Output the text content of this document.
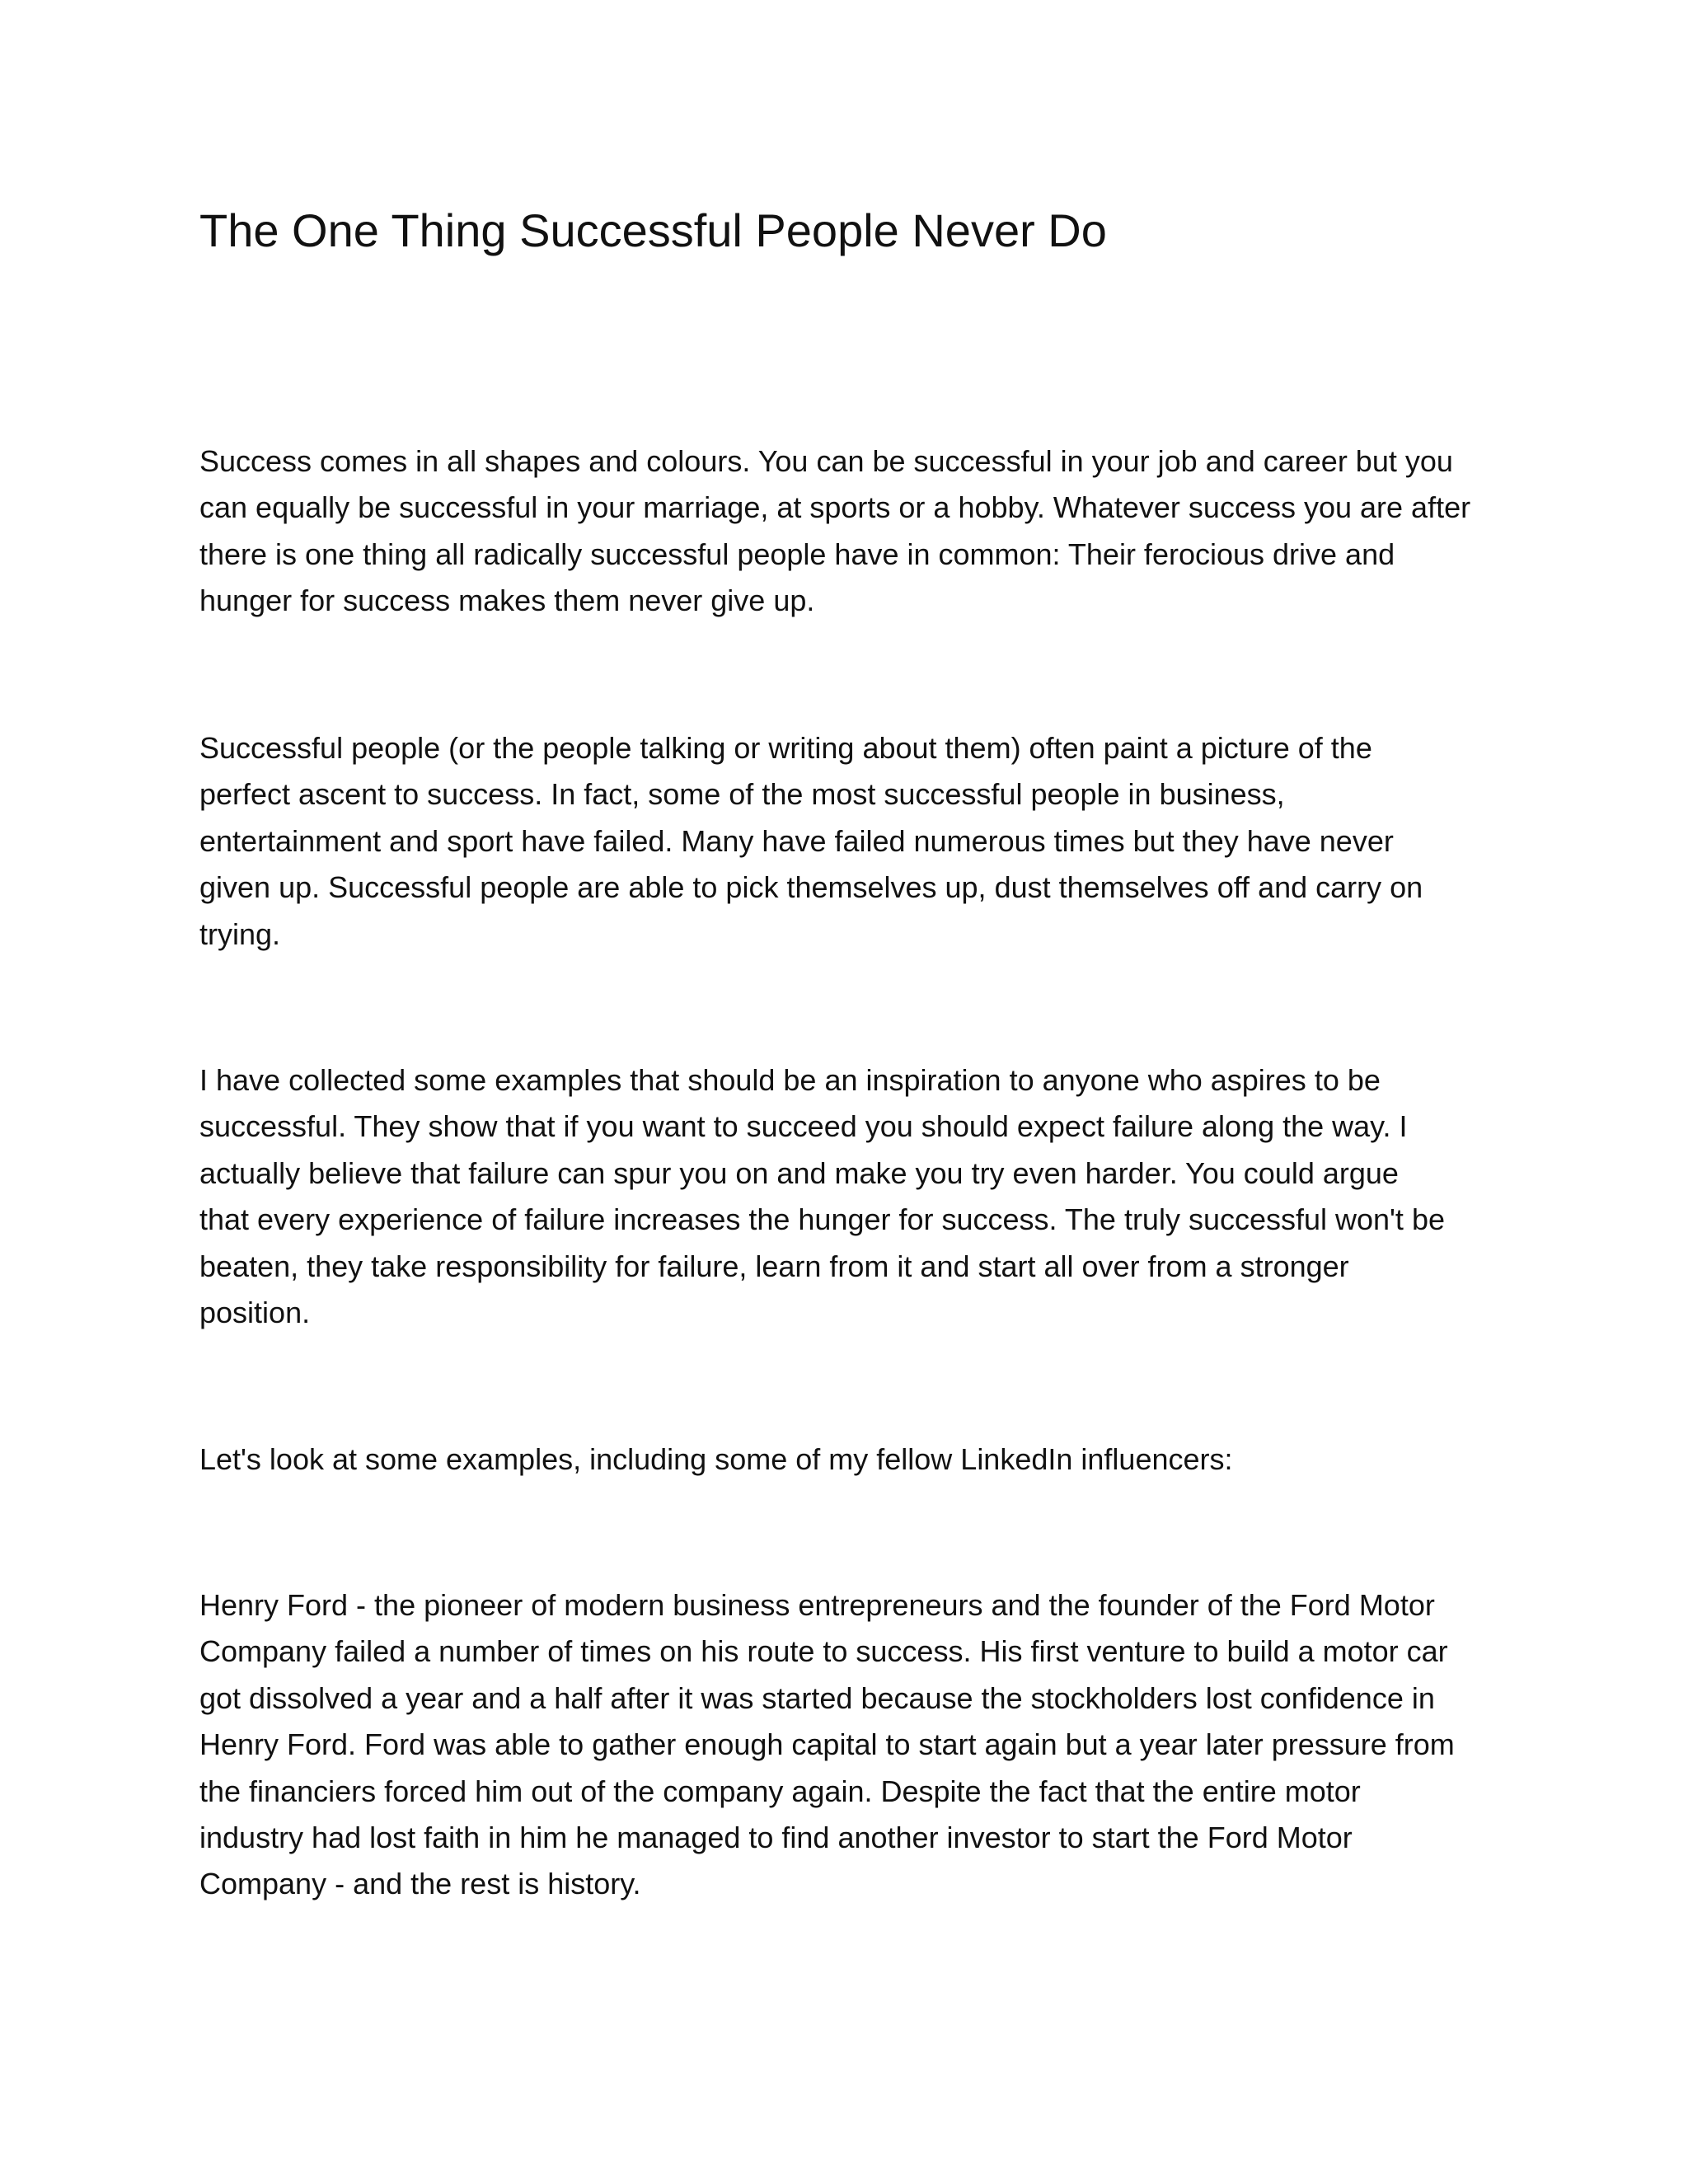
The One Thing Successful People Never Do

Success comes in all shapes and colours. You can be successful in your job and career but you
can equally be successful in your marriage, at sports or a hobby. Whatever success you are after
there is one thing all radically successful people have in common: Their ferocious drive and
hunger for success makes them never give up.

Successful people (or the people talking or writing about them) often paint a picture of the
perfect ascent to success. In fact, some of the most successful people in business,
entertainment and sport have failed. Many have failed numerous times but they have never
given up. Successful people are able to pick themselves up, dust themselves off and carry on
trying.

I have collected some examples that should be an inspiration to anyone who aspires to be
successful. They show that if you want to succeed you should expect failure along the way. I
actually believe that failure can spur you on and make you try even harder. You could argue
that every experience of failure increases the hunger for success. The truly successful won't be
beaten, they take responsibility for failure, learn from it and start all over from a stronger
position.

Let's look at some examples, including some of my fellow LinkedIn influencers:

Henry Ford - the pioneer of modern business entrepreneurs and the founder of the Ford Motor
Company failed a number of times on his route to success. His first venture to build a motor car
got dissolved a year and a half after it was started because the stockholders lost confidence in
Henry Ford. Ford was able to gather enough capital to start again but a year later pressure from
the financiers forced him out of the company again. Despite the fact that the entire motor
industry had lost faith in him he managed to find another investor to start the Ford Motor
Company - and the rest is history.
